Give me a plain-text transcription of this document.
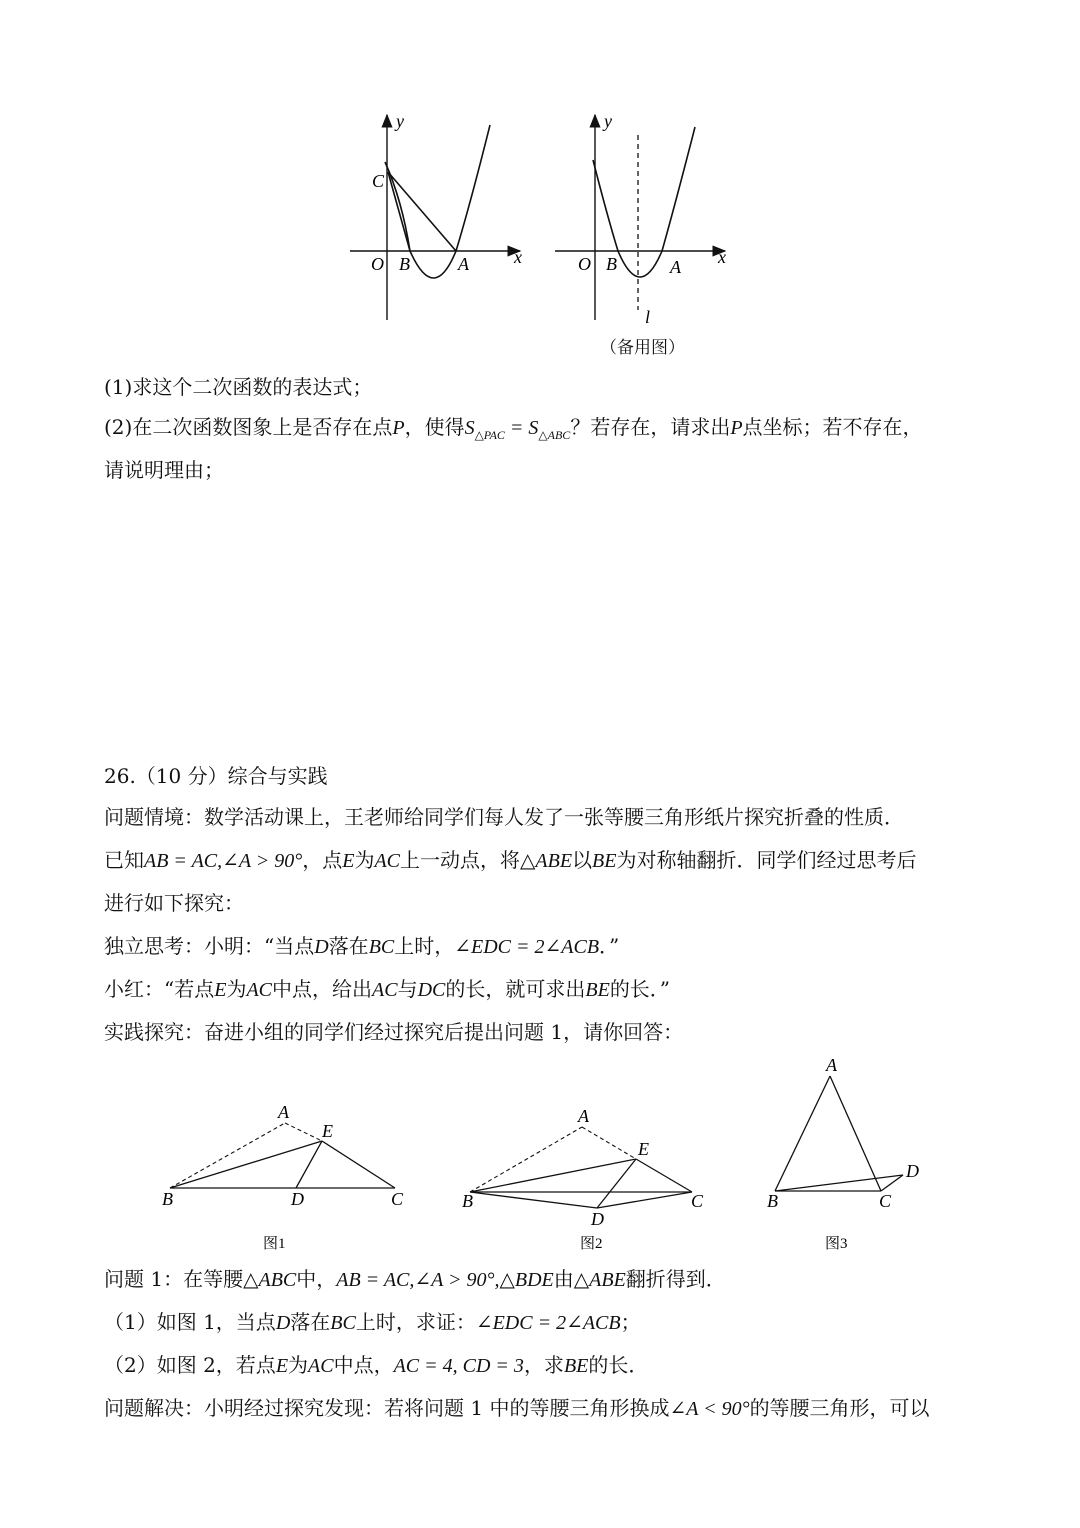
y
x
O B	A
C
y
x
O B	A
l
（备用图）
(1)求这个二次函数的表达式；
(2)在二次函数图象上是否存在点P，使得$S_{\triangle PAC} = S_{\triangle ABC}$？若存在，请求出P点坐标；若不存在，
请说明理由；
26.（10 分）综合与实践
问题情境：数学活动课上，王老师给同学们每人发了一张等腰三角形纸片探究折叠的性质．
已知AB = AC,∠A > 90°，点E为AC上一动点，将△ABE以BE为对称轴翻折．同学们经过思考后
进行如下探究：
独立思考：小明：“当点D落在BC上时，∠EDC = 2∠ACB．”
小红：“若点E为AC中点，给出AC与DC的长，就可求出BE的长．”
实践探究：奋进小组的同学们经过探究后提出问题 1，请你回答：
A
E
B	D	C
A
E
B
D
C
A
D
B	C
图1	图2	图3
问题 1：在等腰△ABC中，AB = AC,∠A > 90°,△BDE由△ABE翻折得到．
（1）如图 1，当点D落在BC上时，求证：∠EDC = 2∠ACB；
（2）如图 2，若点E为AC中点，AC = 4, CD = 3，求BE的长．
问题解决：小明经过探究发现：若将问题 1 中的等腰三角形换成∠A < 90°的等腰三角形，可以
